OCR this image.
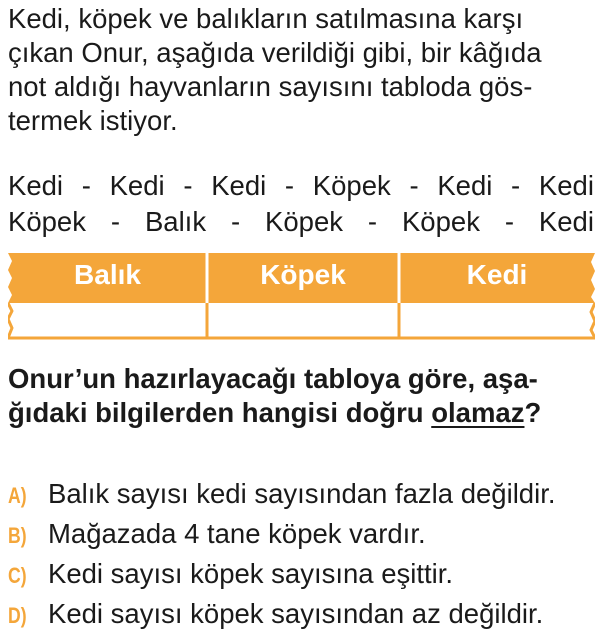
Kedi, köpek ve balıkların satılmasına karşı
çıkan Onur, aşağıda verildiği gibi, bir kâğıda
not aldığı hayvanların sayısını tabloda gös-
termek istiyor.
Kedi - Kedi - Kedi - Köpek - Kedi - Kedi
Köpek - Balık - Köpek - Köpek - Kedi
Balık	Köpek	Kedi
Onur’un hazırlayacağı tabloya göre, aşa-
ğıdaki bilgilerden hangisi doğru olamaz?
A) Balık sayısı kedi sayısından fazla değildir.
B) Mağazada 4 tane köpek vardır.
C) Kedi sayısı köpek sayısına eşittir.
D) Kedi sayısı köpek sayısından az değildir.
